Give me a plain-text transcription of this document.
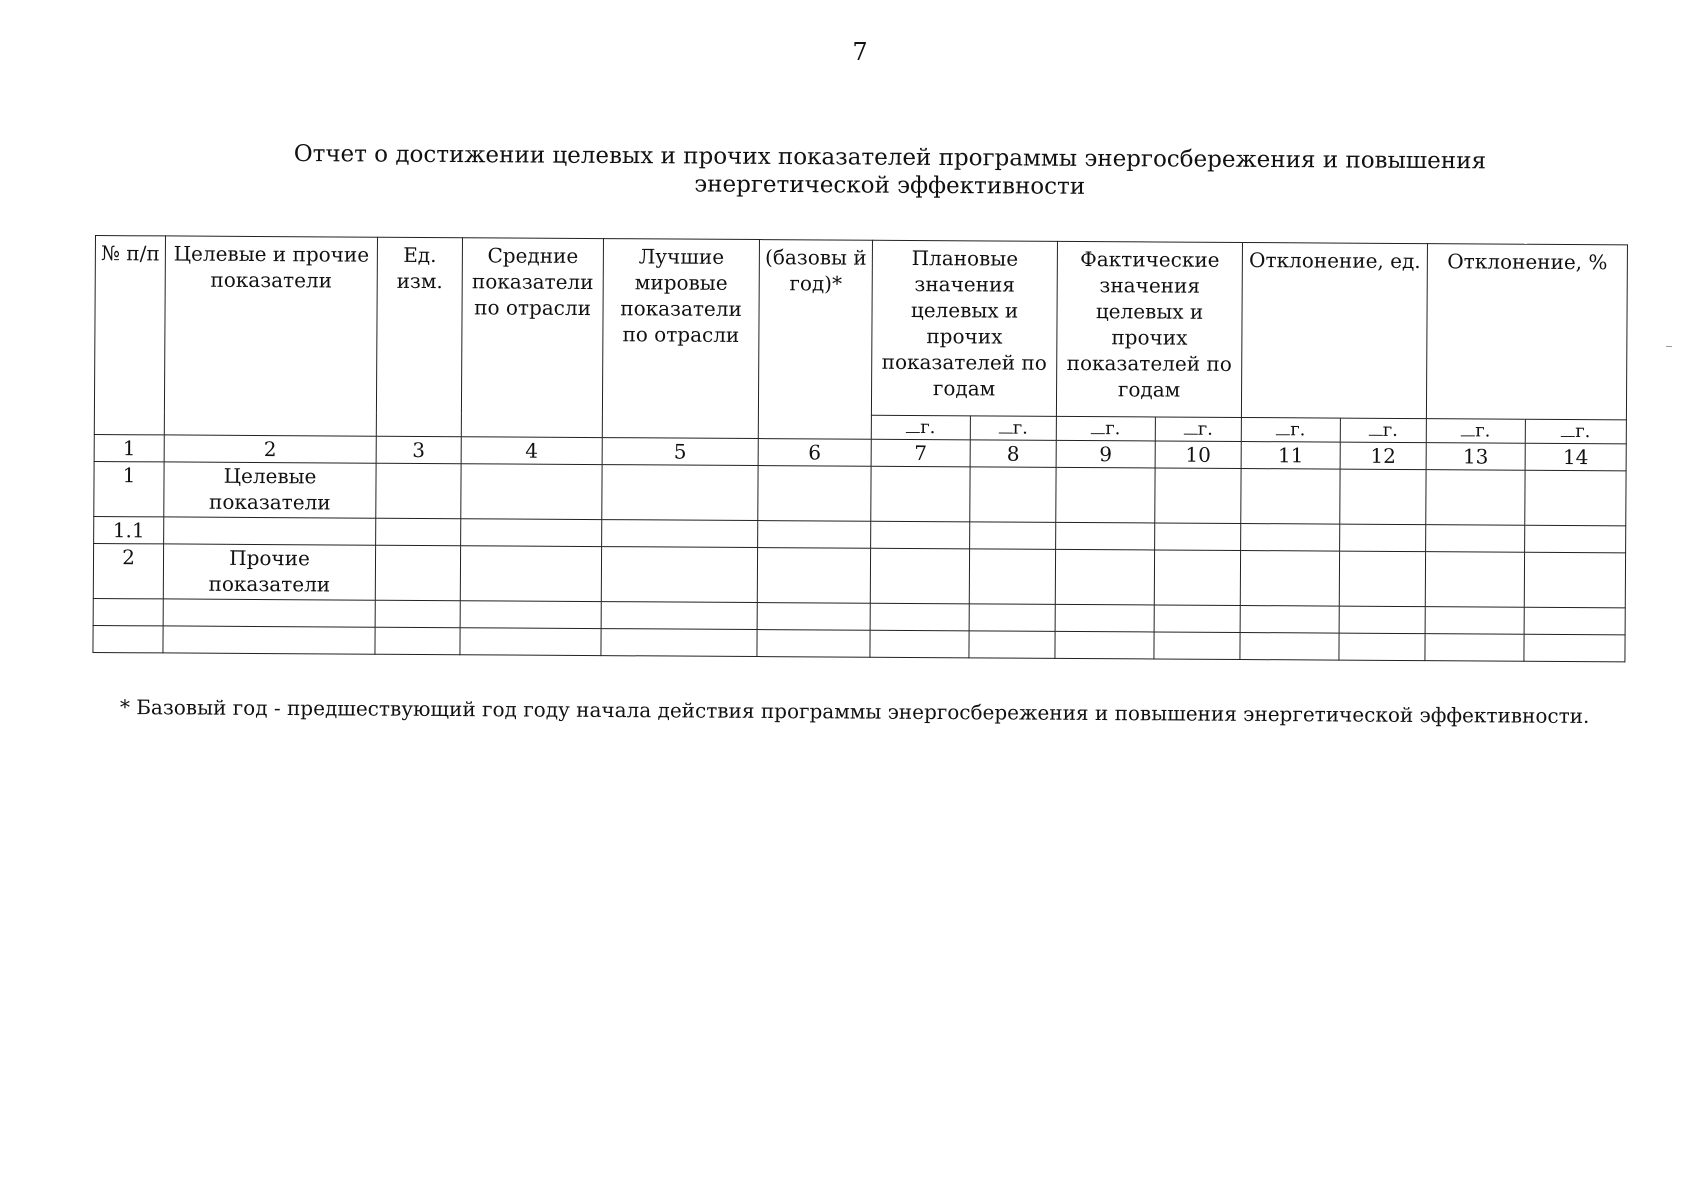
7
Отчет о достижении целевых и прочих показателей программы энергосбережения и повышения
энергетической эффективности
№ п/п	Целевые и прочие показатели	Ед. изм.	Средние показатели по отрасли	Лучшие мировые показатели по отрасли	(базовы й год)*	Плановые значения целевых и прочих показателей по годам		Фактические значения целевых и прочих показателей по годам		Отклонение, ед.		Отклонение, %	
						г.	г.	г.	г.	г.	г.	г.	г.
1	2	3	4	5	6	7	8	9	10	11	12	13	14
1	Целевые показатели												
1.1													
2	Прочие показатели												

* Базовый год - предшествующий год году начала действия программы энергосбережения и повышения энергетической эффективности.
